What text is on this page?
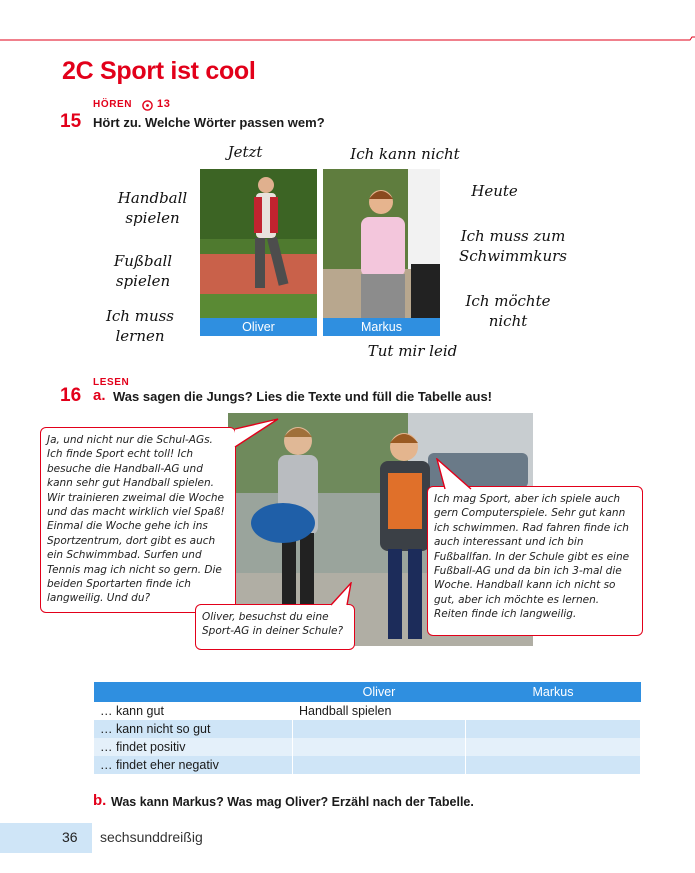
2C Sport ist cool
HÖREN 13
15 Hört zu. Welche Wörter passen wem?
Jetzt	Ich kann nicht
Handball spielen
Fußball spielen
Ich muss lernen
Heute
Ich muss zum Schwimmkurs
Ich möchte nicht
Tut mir leid
Oliver	Markus
LESEN
16 a. Was sagen die Jungs? Lies die Texte und füll die Tabelle aus!
Ja, und nicht nur die Schul-AGs. Ich finde Sport echt toll! Ich besuche die Handball-AG und kann sehr gut Handball spielen. Wir trainieren zweimal die Woche und das macht wirklich viel Spaß! Einmal die Woche gehe ich ins Sportzentrum, dort gibt es auch ein Schwimmbad. Surfen und Tennis mag ich nicht so gern. Die beiden Sportarten finde ich langweilig. Und du?
Oliver, besuchst du eine Sport-AG in deiner Schule?
Ich mag Sport, aber ich spiele auch gern Computerspiele. Sehr gut kann ich schwimmen. Rad fahren finde ich auch interessant und ich bin Fußballfan. In der Schule gibt es eine Fußball-AG und da bin ich 3-mal die Woche. Handball kann ich nicht so gut, aber ich möchte es lernen. Reiten finde ich langweilig.
	Oliver	Markus
… kann gut	Handball spielen	
… kann nicht so gut		
… findet positiv		
… findet eher negativ		
b. Was kann Markus? Was mag Oliver? Erzähl nach der Tabelle.
36 sechsunddreißig
